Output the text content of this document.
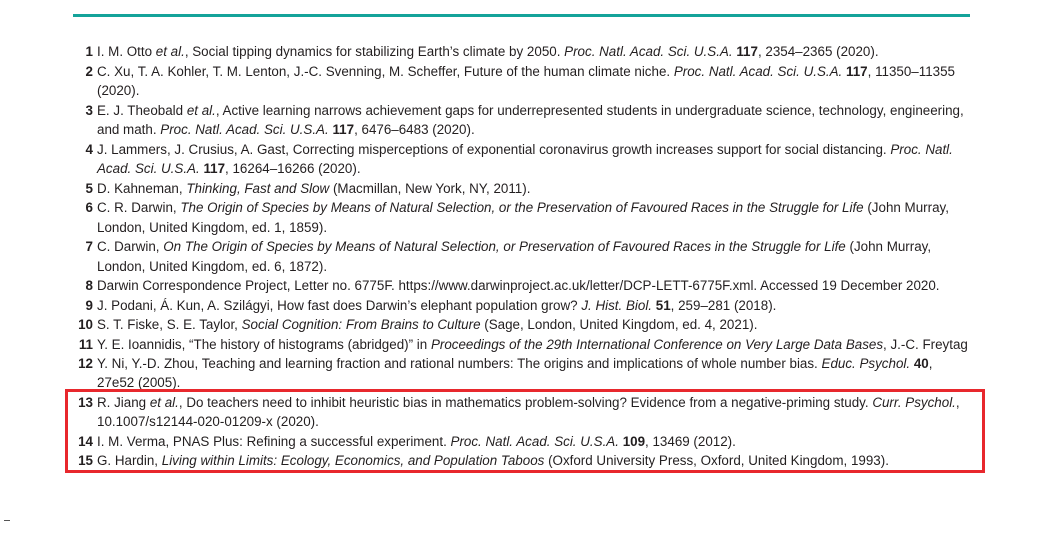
1 I. M. Otto et al., Social tipping dynamics for stabilizing Earth’s climate by 2050. Proc. Natl. Acad. Sci. U.S.A. 117, 2354–2365 (2020).
2 C. Xu, T. A. Kohler, T. M. Lenton, J.-C. Svenning, M. Scheffer, Future of the human climate niche. Proc. Natl. Acad. Sci. U.S.A. 117, 11350–11355 (2020).
3 E. J. Theobald et al., Active learning narrows achievement gaps for underrepresented students in undergraduate science, technology, engineering, and math. Proc. Natl. Acad. Sci. U.S.A. 117, 6476–6483 (2020).
4 J. Lammers, J. Crusius, A. Gast, Correcting misperceptions of exponential coronavirus growth increases support for social distancing. Proc. Natl. Acad. Sci. U.S.A. 117, 16264–16266 (2020).
5 D. Kahneman, Thinking, Fast and Slow (Macmillan, New York, NY, 2011).
6 C. R. Darwin, The Origin of Species by Means of Natural Selection, or the Preservation of Favoured Races in the Struggle for Life (John Murray, London, United Kingdom, ed. 1, 1859).
7 C. Darwin, On The Origin of Species by Means of Natural Selection, or Preservation of Favoured Races in the Struggle for Life (John Murray, London, United Kingdom, ed. 6, 1872).
8 Darwin Correspondence Project, Letter no. 6775F. https://www.darwinproject.ac.uk/letter/DCP-LETT-6775F.xml. Accessed 19 December 2020.
9 J. Podani, Á. Kun, A. Szilágyi, How fast does Darwin’s elephant population grow? J. Hist. Biol. 51, 259–281 (2018).
10 S. T. Fiske, S. E. Taylor, Social Cognition: From Brains to Culture (Sage, London, United Kingdom, ed. 4, 2021).
11 Y. E. Ioannidis, “The history of histograms (abridged)” in Proceedings of the 29th International Conference on Very Large Data Bases, J.-C. Freytag
12 Y. Ni, Y.-D. Zhou, Teaching and learning fraction and rational numbers: The origins and implications of whole number bias. Educ. Psychol. 40, 27e52 (2005).
13 R. Jiang et al., Do teachers need to inhibit heuristic bias in mathematics problem-solving? Evidence from a negative-priming study. Curr. Psychol., 10.1007/s12144-020-01209-x (2020).
14 I. M. Verma, PNAS Plus: Refining a successful experiment. Proc. Natl. Acad. Sci. U.S.A. 109, 13469 (2012).
15 G. Hardin, Living within Limits: Ecology, Economics, and Population Taboos (Oxford University Press, Oxford, United Kingdom, 1993).
